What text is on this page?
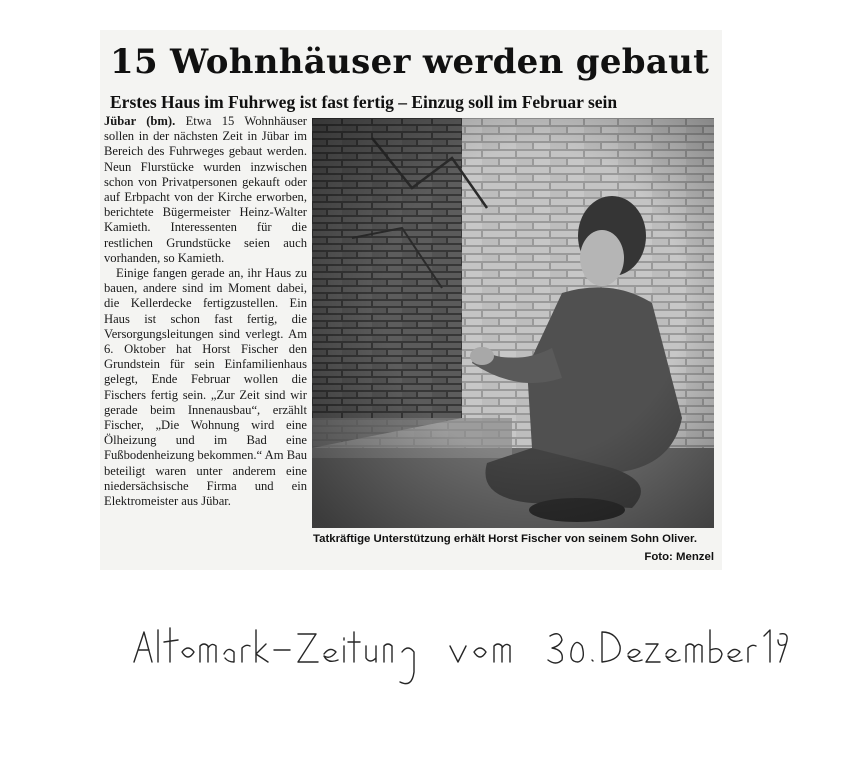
15 Wohnhäuser werden gebaut
Erstes Haus im Fuhrweg ist fast fertig – Einzug soll im Februar sein

Jübar (bm). Etwa 15 Wohnhäuser sollen in der nächsten Zeit in Jübar im Bereich des Fuhrweges gebaut werden. Neun Flurstücke wurden inzwischen schon von Privatpersonen gekauft oder auf Erbpacht von der Kirche erworben, berichtete Bügermeister Heinz-Walter Kamieth. Interessenten für die restlichen Grundstücke seien auch vorhanden, so Kamieth.

Einige fangen gerade an, ihr Haus zu bauen, andere sind im Moment dabei, die Kellerdecke fertigzustellen. Ein Haus ist schon fast fertig, die Versorgungsleitungen sind verlegt. Am 6. Oktober hat Horst Fischer den Grundstein für sein Einfamilienhaus gelegt, Ende Februar wollen die Fischers fertig sein. „Zur Zeit sind wir gerade beim Innenausbau“, erzählt Fischer, „Die Wohnung wird eine Ölheizung und im Bad eine Fußbodenheizung bekommen.“ Am Bau beteiligt waren unter anderem eine niedersächsische Firma und ein Elektromeister aus Jübar.

Tatkräftige Unterstützung erhält Horst Fischer von seinem Sohn Oliver.
Foto: Menzel
